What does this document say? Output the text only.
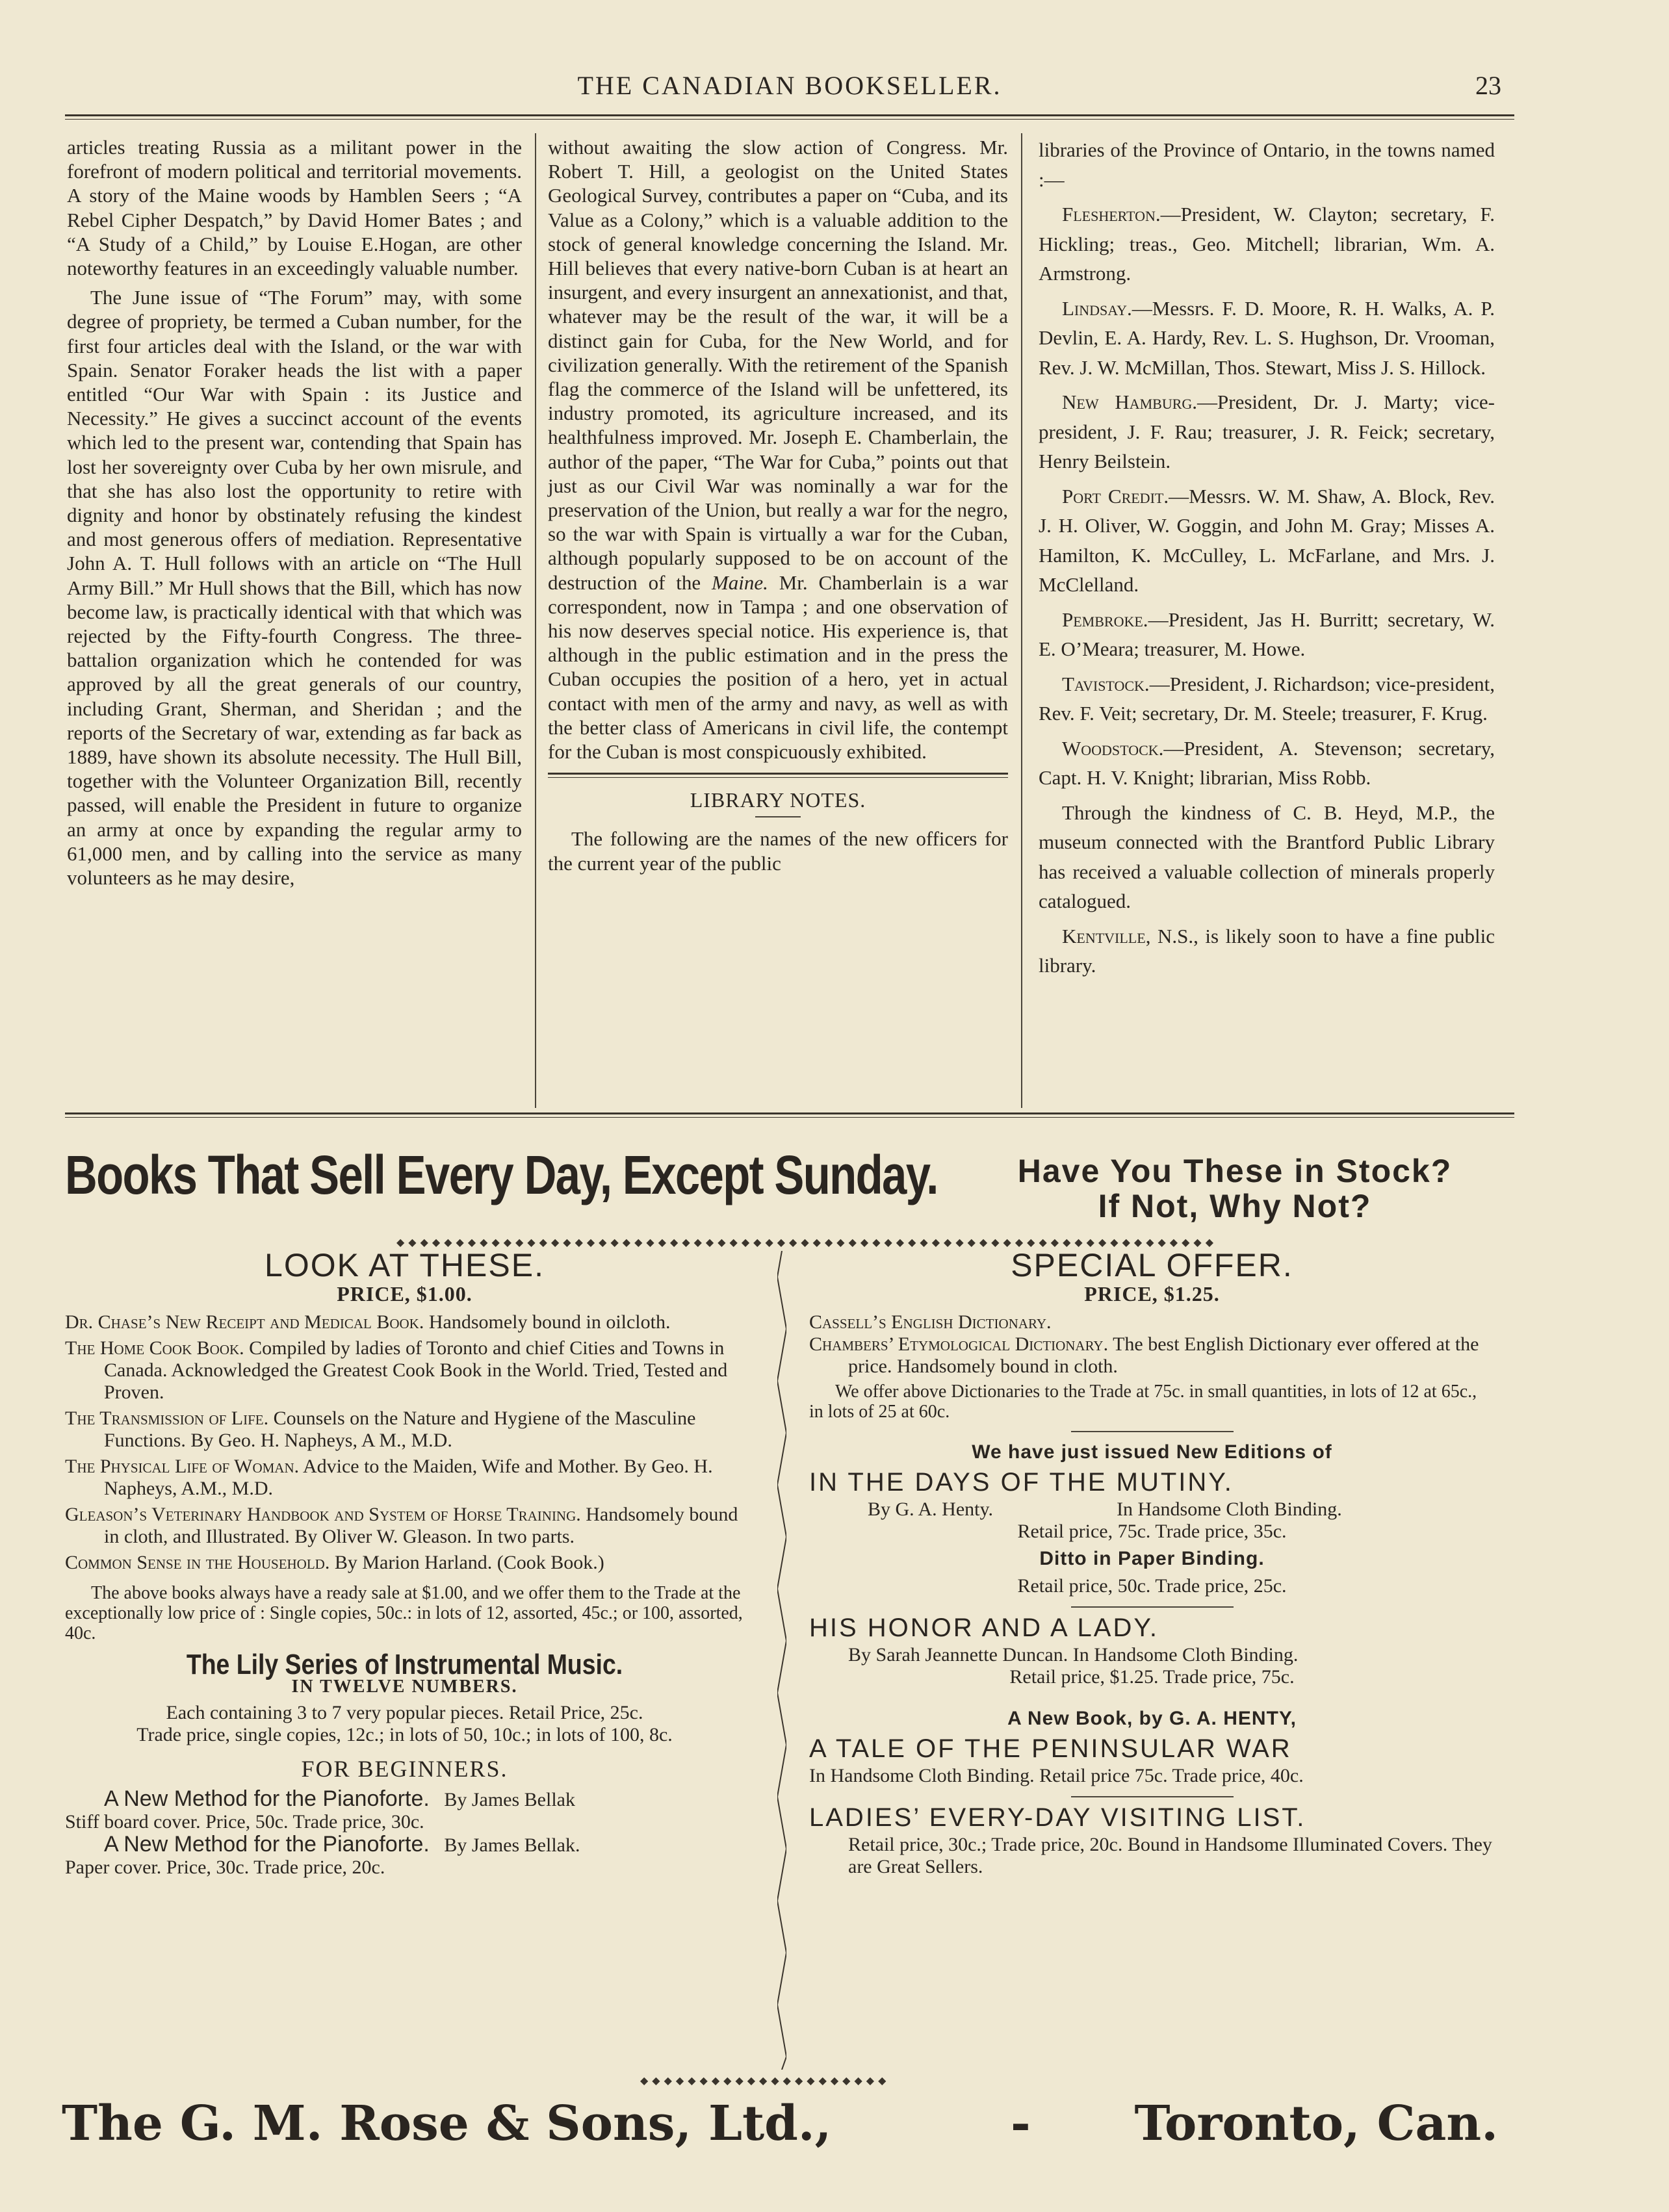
THE CANADIAN BOOKSELLER.	23

articles treating Russia as a militant power in the forefront of modern political and territorial movements. A story of the Maine woods by Hamblen Seers ; “A Rebel Cipher Despatch,” by David Homer Bates ; and “A Study of a Child,” by Louise E.Hogan, are other noteworthy features in an exceedingly valuable number.

The June issue of “The Forum” may, with some degree of propriety, be termed a Cuban number, for the first four articles deal with the Island, or the war with Spain. Senator Foraker heads the list with a paper entitled “Our War with Spain : its Justice and Necessity.” He gives a succinct account of the events which led to the present war, contending that Spain has lost her sovereignty over Cuba by her own misrule, and that she has also lost the opportunity to retire with dignity and honor by obstinately refusing the kindest and most generous offers of mediation. Representative John A. T. Hull follows with an article on “The Hull Army Bill.” Mr Hull shows that the Bill, which has now become law, is practically identical with that which was rejected by the Fifty-fourth Congress. The three-battalion organization which he contended for was approved by all the great generals of our country, including Grant, Sherman, and Sheridan ; and the reports of the Secretary of war, extending as far back as 1889, have shown its absolute necessity. The Hull Bill, together with the Volunteer Organization Bill, recently passed, will enable the President in future to organize an army at once by expanding the regular army to 61,000 men, and by calling into the service as many volunteers as he may desire,

without awaiting the slow action of Congress. Mr. Robert T. Hill, a geologist on the United States Geological Survey, contributes a paper on “Cuba, and its Value as a Colony,” which is a valuable addition to the stock of general knowledge concerning the Island. Mr. Hill believes that every native-born Cuban is at heart an insurgent, and every insurgent an annexationist, and that, whatever may be the result of the war, it will be a distinct gain for Cuba, for the New World, and for civilization generally. With the retirement of the Spanish flag the commerce of the Island will be unfettered, its industry promoted, its agriculture increased, and its healthfulness improved. Mr. Joseph E. Chamberlain, the author of the paper, “The War for Cuba,” points out that just as our Civil War was nominally a war for the preservation of the Union, but really a war for the negro, so the war with Spain is virtually a war for the Cuban, although popularly supposed to be on account of the destruction of the Maine. Mr. Chamberlain is a war correspondent, now in Tampa ; and one observation of his now deserves special notice. His experience is, that although in the public estimation and in the press the Cuban occupies the position of a hero, yet in actual contact with men of the army and navy, as well as with the better class of Americans in civil life, the contempt for the Cuban is most conspicuously exhibited.

LIBRARY NOTES.

The following are the names of the new officers for the current year of the public

libraries of the Province of Ontario, in the towns named :—

Flesherton.—President, W. Clayton; secretary, F. Hickling; treas., Geo. Mitchell; librarian, Wm. A. Armstrong.

Lindsay.—Messrs. F. D. Moore, R. H. Walks, A. P. Devlin, E. A. Hardy, Rev. L. S. Hughson, Dr. Vrooman, Rev. J. W. McMillan, Thos. Stewart, Miss J. S. Hillock.

New Hamburg.—President, Dr. J. Marty; vice-president, J. F. Rau; treasurer, J. R. Feick; secretary, Henry Beilstein.

Port Credit.—Messrs. W. M. Shaw, A. Block, Rev. J. H. Oliver, W. Goggin, and John M. Gray; Misses A. Hamilton, K. McCulley, L. McFarlane, and Mrs. J. McClelland.

Pembroke.—President, Jas H. Burritt; secretary, W. E. O’Meara; treasurer, M. Howe.

Tavistock.—President, J. Richardson; vice-president, Rev. F. Veit; secretary, Dr. M. Steele; treasurer, F. Krug.

Woodstock.—President, A. Stevenson; secretary, Capt. H. V. Knight; librarian, Miss Robb.

Through the kindness of C. B. Heyd, M.P., the museum connected with the Brantford Public Library has received a valuable collection of minerals properly catalogued.

Kentville, N.S., is likely soon to have a fine public library.

Books That Sell Every Day, Except Sunday.	Have You These in Stock?
If Not, Why Not?
◆◆◆◆◆◆◆◆◆◆◆◆◆◆◆◆◆◆◆◆◆◆◆◆◆◆◆◆◆◆◆◆◆◆◆◆◆◆◆◆◆◆◆◆◆◆◆◆◆◆◆◆◆◆◆◆◆◆◆◆◆◆◆◆◆◆◆◆◆
LOOK AT THESE.
PRICE, $1.00.
Dr. Chase’s New Receipt and Medical Book. Handsomely bound in oilcloth.
The Home Cook Book. Compiled by ladies of Toronto and chief Cities and Towns in Canada. Acknowledged the Greatest Cook Book in the World. Tried, Tested and Proven.
The Transmission of Life. Counsels on the Nature and Hygiene of the Masculine Functions. By Geo. H. Napheys, A M., M.D.
The Physical Life of Woman. Advice to the Maiden, Wife and Mother. By Geo. H. Napheys, A.M., M.D.
Gleason’s Veterinary Handbook and System of Horse Training. Handsomely bound in cloth, and Illustrated. By Oliver W. Gleason. In two parts.
Common Sense in the Household. By Marion Harland. (Cook Book.)
The above books always have a ready sale at $1.00, and we offer them to the Trade at the exceptionally low price of : Single copies, 50c.: in lots of 12, assorted, 45c.; or 100, assorted, 40c.
The Lily Series of Instrumental Music.
IN TWELVE NUMBERS.
Each containing 3 to 7 very popular pieces. Retail Price, 25c.
Trade price, single copies, 12c.; in lots of 50, 10c.; in lots of 100, 8c.
FOR BEGINNERS.
A New Method for the Pianoforte. By James Bellak
Stiff board cover. Price, 50c. Trade price, 30c.
A New Method for the Pianoforte. By James Bellak.
Paper cover. Price, 30c. Trade price, 20c.
SPECIAL OFFER.
PRICE, $1.25.
Cassell’s English Dictionary.
Chambers’ Etymological Dictionary. The best English Dictionary ever offered at the price. Handsomely bound in cloth.
We offer above Dictionaries to the Trade at 75c. in small quantities, in lots of 12 at 65c., in lots of 25 at 60c.
We have just issued New Editions of
IN THE DAYS OF THE MUTINY.
By G. A. Henty.	In Handsome Cloth Binding.
Retail price, 75c. Trade price, 35c.
Ditto in Paper Binding.
Retail price, 50c. Trade price, 25c.
HIS HONOR AND A LADY.
By Sarah Jeannette Duncan. In Handsome Cloth Binding.
Retail price, $1.25. Trade price, 75c.
A New Book, by G. A. HENTY,
A TALE OF THE PENINSULAR WAR
In Handsome Cloth Binding. Retail price 75c. Trade price, 40c.
LADIES’ EVERY-DAY VISITING LIST.
Retail price, 30c.; Trade price, 20c. Bound in Handsome Illuminated Covers. They are Great Sellers.
◆◆◆◆◆◆◆◆◆◆◆◆◆◆◆◆◆◆◆◆◆
The G. M. Rose & Sons, Ltd.,	- Toronto, Can.
